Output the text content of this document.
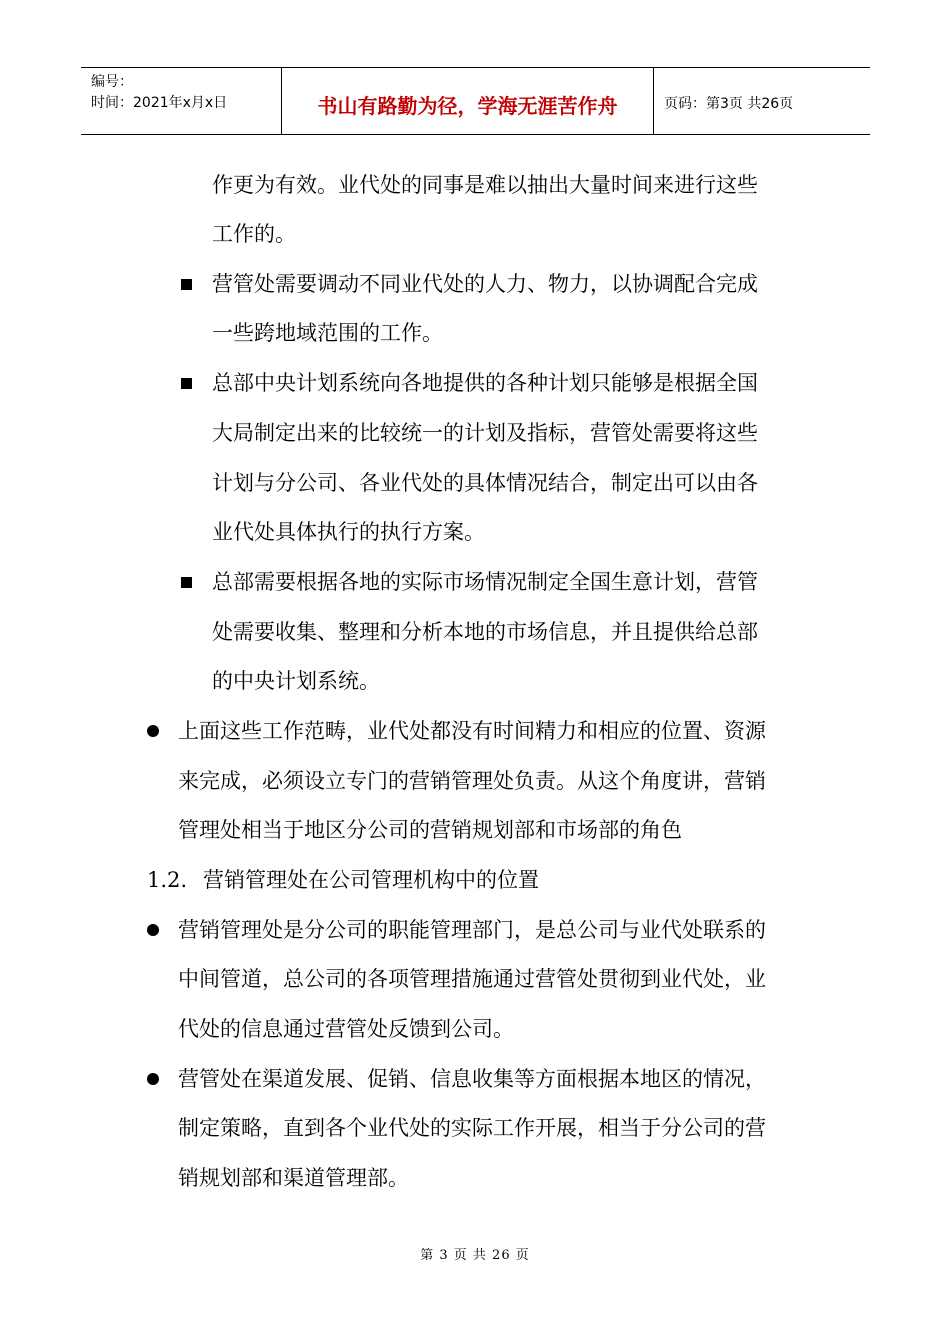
编号：
时间：2021年x月x日	书山有路勤为径，学海无涯苦作舟	页码：第3页 共26页
作更为有效。业代处的同事是难以抽出大量时间来进行这些
工作的。
营管处需要调动不同业代处的人力、物力，以协调配合完成
一些跨地域范围的工作。
总部中央计划系统向各地提供的各种计划只能够是根据全国
大局制定出来的比较统一的计划及指标，营管处需要将这些
计划与分公司、各业代处的具体情况结合，制定出可以由各
业代处具体执行的执行方案。
总部需要根据各地的实际市场情况制定全国生意计划，营管
处需要收集、整理和分析本地的市场信息，并且提供给总部
的中央计划系统。
上面这些工作范畴，业代处都没有时间精力和相应的位置、资源
来完成，必须设立专门的营销管理处负责。从这个角度讲，营销
管理处相当于地区分公司的营销规划部和市场部的角色
1.2. 营销管理处在公司管理机构中的位置
营销管理处是分公司的职能管理部门，是总公司与业代处联系的
中间管道，总公司的各项管理措施通过营管处贯彻到业代处，业
代处的信息通过营管处反馈到公司。
营管处在渠道发展、促销、信息收集等方面根据本地区的情况，
制定策略，直到各个业代处的实际工作开展，相当于分公司的营
销规划部和渠道管理部。
第 3 页 共 26 页
